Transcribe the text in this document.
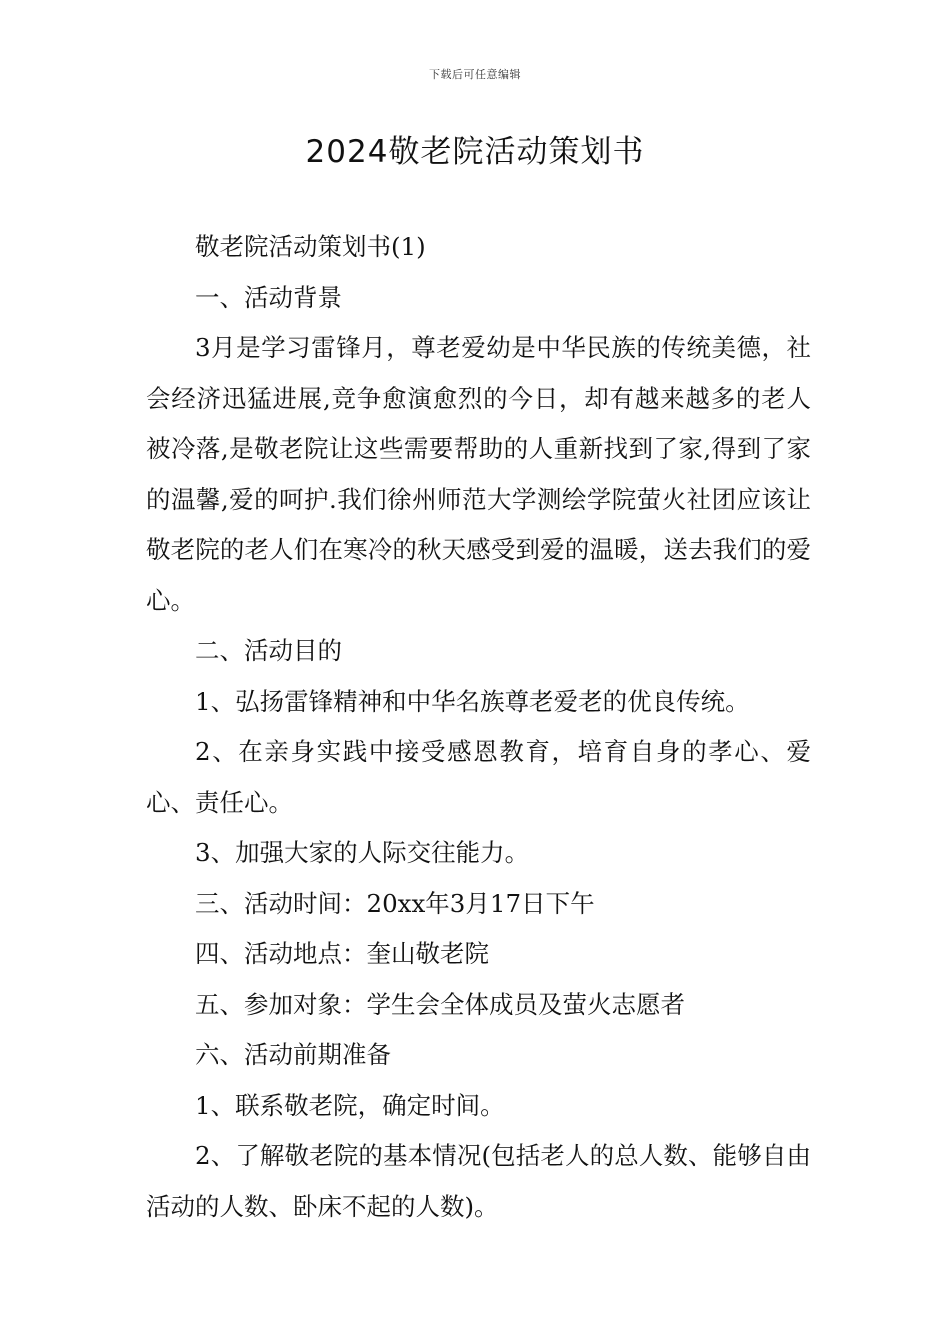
下载后可任意编辑
2024敬老院活动策划书

敬老院活动策划书(1)

一、活动背景

3月是学习雷锋月，尊老爱幼是中华民族的传统美德，社会经济迅猛进展,竞争愈演愈烈的今日，却有越来越多的老人被冷落,是敬老院让这些需要帮助的人重新找到了家,得到了家的温馨,爱的呵护.我们徐州师范大学测绘学院萤火社团应该让敬老院的老人们在寒冷的秋天感受到爱的温暖，送去我们的爱心。

二、活动目的

1、弘扬雷锋精神和中华名族尊老爱老的优良传统。

2、在亲身实践中接受感恩教育，培育自身的孝心、爱心、责任心。

3、加强大家的人际交往能力。

三、活动时间：20xx年3月17日下午

四、活动地点：奎山敬老院

五、参加对象：学生会全体成员及萤火志愿者

六、活动前期准备

1、联系敬老院，确定时间。

2、了解敬老院的基本情况(包括老人的总人数、能够自由活动的人数、卧床不起的人数)。
